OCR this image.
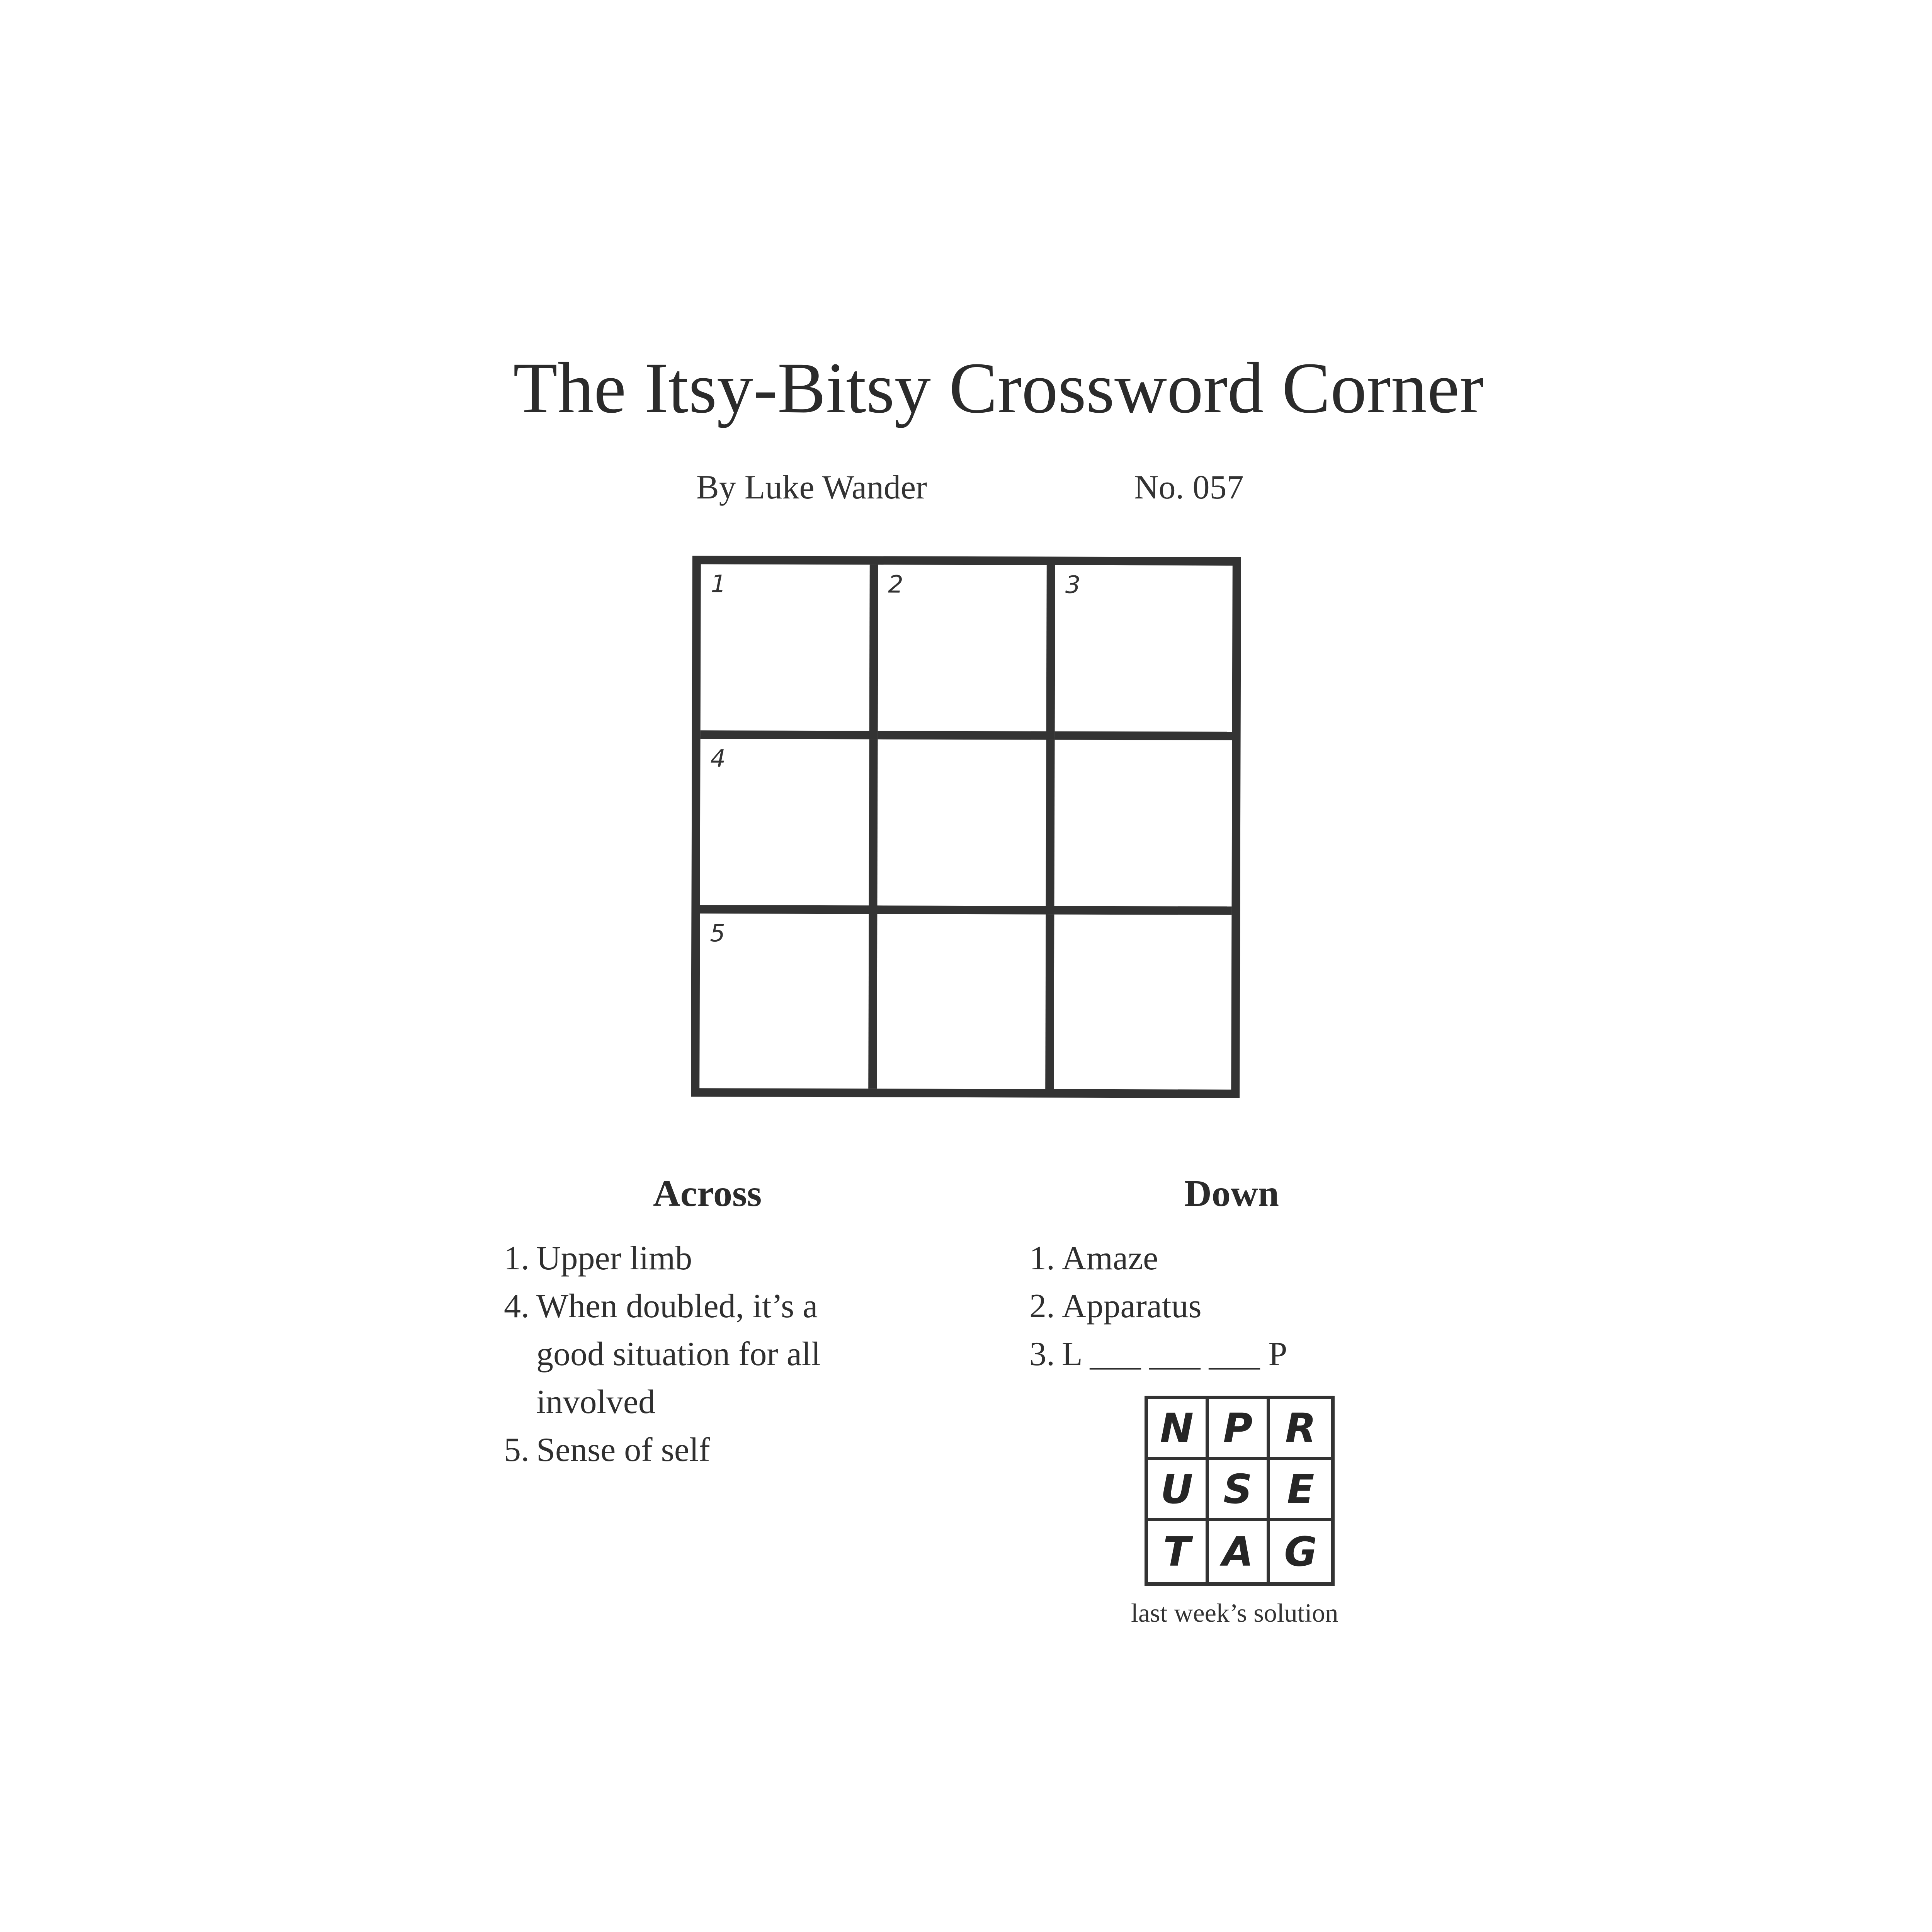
The Itsy-Bitsy Crossword Corner
By Luke Wander	No. 057
1	2	3
4
5
Across	Down
1. Upper limb
4. When doubled, it’s a good situation for all involved
5. Sense of self
1. Amaze
2. Apparatus
3. L ___ ___ ___ P
N P R
U S E
T A G
last week’s solution
